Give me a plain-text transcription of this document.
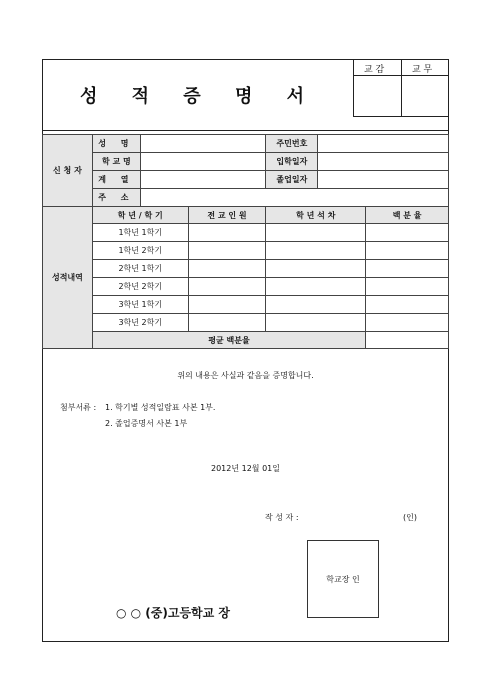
성 적 증 명 서
교 감	교 무
신 청 자	성 명			주민번호		
	학 교 명			입학일자		
	계 열			졸업일자		
	주 소					
성적내역	학 년 / 학 기		전 교 인 원	학 년 석 차		백 분 율
	1학년 1학기					
	1학년 2학기					
	2학년 1학기					
	2학년 2학기					
	3학년 1학기					
	3학년 2학기					
	평균 백분율					
위의 내용은 사실과 같음을 증명합니다.
첨부서류 : 1. 학기별 성적일람표 사본 1부.
2. 졸업증명서 사본 1부
2012년 12월 01일
작 성 자 :	(인)
학교장 인
○ ○ (중)고등학교 장
